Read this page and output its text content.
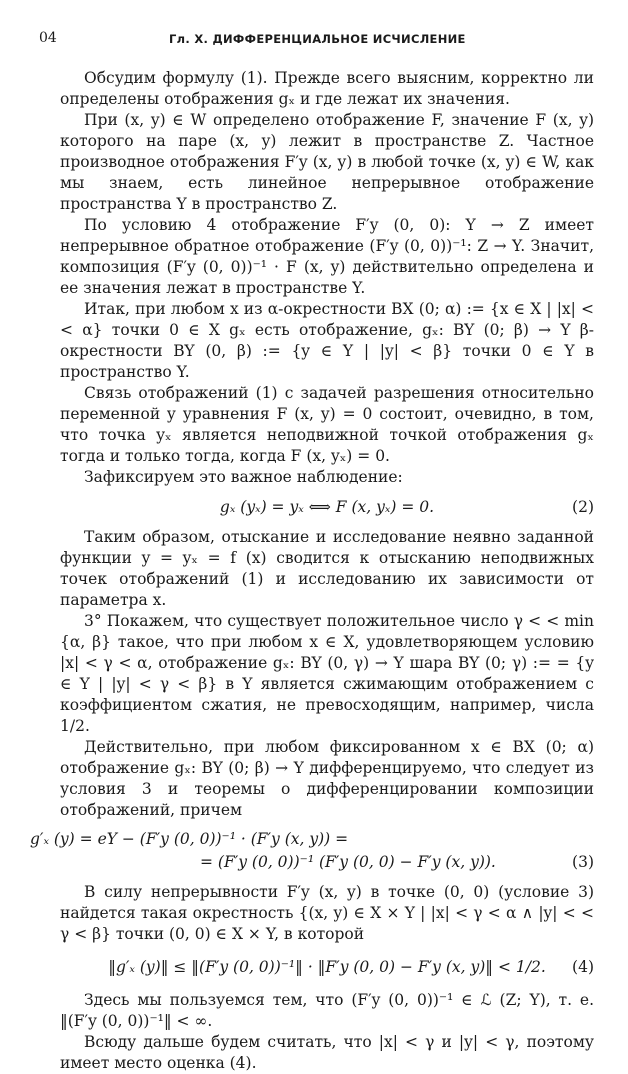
04	Гл. X. ДИФФЕРЕНЦИАЛЬНОЕ ИСЧИСЛЕНИЕ

Обсудим формулу (1). Прежде всего выясним, корректно ли определены отображения gₓ и где лежат их значения.

При (x, y) ∈ W определено отображение F, значение F (x, y) которого на паре (x, y) лежит в пространстве Z. Частное производное отображения F′y (x, y) в любой точке (x, y) ∈ W, как мы знаем, есть линейное непрерывное отображение пространства Y в пространство Z.

По условию 4 отображение F′y (0, 0): Y → Z имеет непрерывное обратное отображение (F′y (0, 0))⁻¹: Z → Y. Значит, композиция (F′y (0, 0))⁻¹ · F (x, y) действительно определена и ее значения лежат в пространстве Y.

Итак, при любом x из α-окрестности BX (0; α) := {x ∈ X | |x| < < α} точки 0 ∈ X gₓ есть отображение, gₓ: BY (0; β) → Y β-окрестности BY (0, β) := {y ∈ Y | |y| < β} точки 0 ∈ Y в пространство Y.

Связь отображений (1) с задачей разрешения относительно переменной y уравнения F (x, y) = 0 состоит, очевидно, в том, что точка yₓ является неподвижной точкой отображения gₓ тогда и только тогда, когда F (x, yₓ) = 0.

Зафиксируем это важное наблюдение:

gₓ (yₓ) = yₓ ⟺ F (x, yₓ) = 0.	(2)

Таким образом, отыскание и исследование неявно заданной функции y = yₓ = f (x) сводится к отысканию неподвижных точек отображений (1) и исследованию их зависимости от параметра x.

3° Покажем, что существует положительное число γ < < min {α, β} такое, что при любом x ∈ X, удовлетворяющем условию |x| < γ < α, отображение gₓ: BY (0, γ) → Y шара BY (0; γ) := = {y ∈ Y | |y| < γ < β} в Y является сжимающим отображением с коэффициентом сжатия, не превосходящим, например, числа 1/2.

Действительно, при любом фиксированном x ∈ BX (0; α) отображение gₓ: BY (0; β) → Y дифференцируемо, что следует из условия 3 и теоремы о дифференцировании композиции отображений, причем

g′ₓ (y) = eY − (F′y (0, 0))⁻¹ · (F′y (x, y)) =
= (F′y (0, 0))⁻¹ (F′y (0, 0) − F′y (x, y)).	(3)

В силу непрерывности F′y (x, y) в точке (0, 0) (условие 3) найдется такая окрестность {(x, y) ∈ X × Y | |x| < γ < α ∧ |y| < < γ < β} точки (0, 0) ∈ X × Y, в которой

‖g′ₓ (y)‖ ≤ ‖(F′y (0, 0))⁻¹‖ · ‖F′y (0, 0) − F′y (x, y)‖ < 1/2. (4)

Здесь мы пользуемся тем, что (F′y (0, 0))⁻¹ ∈ ℒ (Z; Y), т. е. ‖(F′y (0, 0))⁻¹‖ < ∞.

Всюду дальше будем считать, что |x| < γ и |y| < γ, поэтому имеет место оценка (4).
